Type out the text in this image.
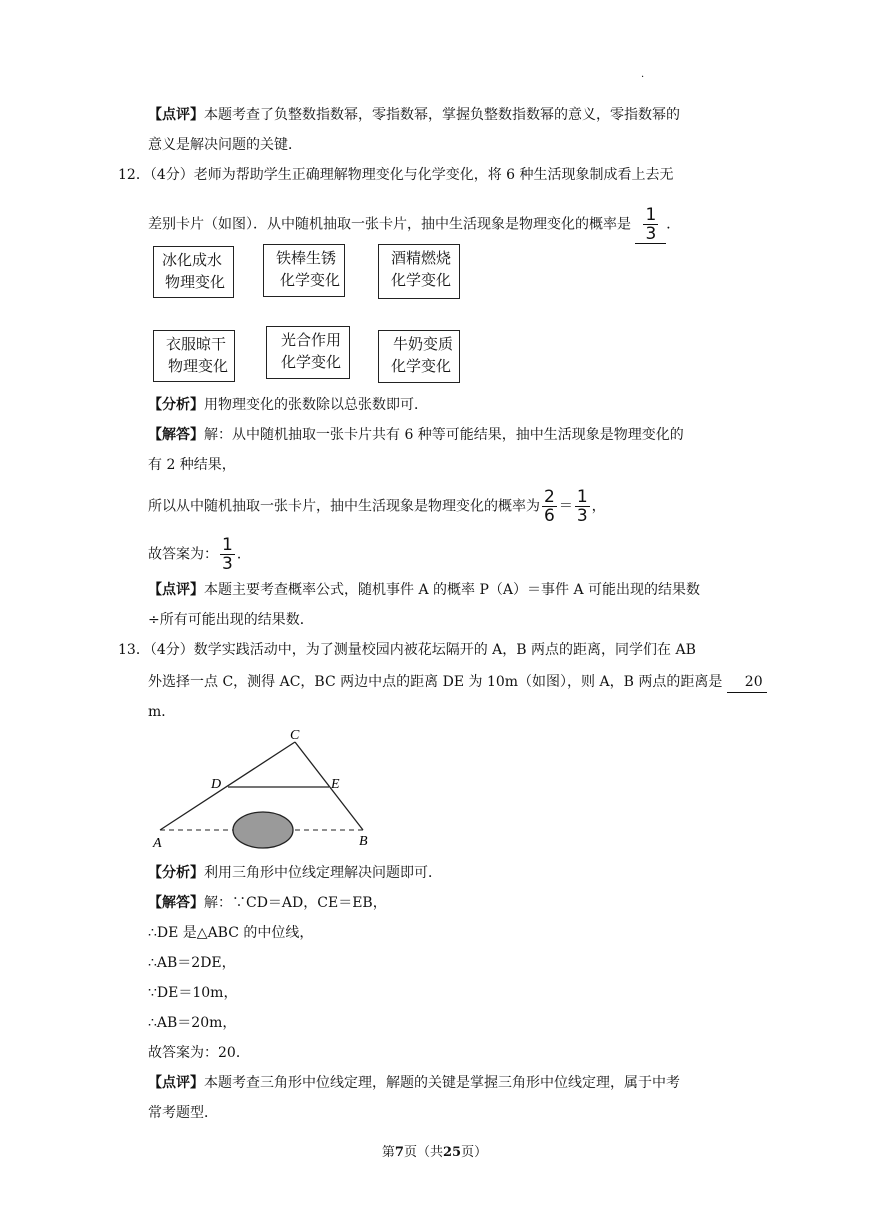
·
【点评】本题考查了负整数指数幂，零指数幂，掌握负整数指数幂的意义，零指数幂的
意义是解决问题的关键．
12．（4分）老师为帮助学生正确理解物理变化与化学变化，将 6 种生活现象制成看上去无
差别卡片（如图）．从中随机抽取一张卡片，抽中生活现象是物理变化的概率是 $\frac{1}{3}$ ．
冰化成水
物理变化
铁棒生锈
化学变化
酒精燃烧
化学变化
衣服晾干
物理变化
光合作用
化学变化
牛奶变质
化学变化
【分析】用物理变化的张数除以总张数即可．
【解答】解：从中随机抽取一张卡片共有 6 种等可能结果，抽中生活现象是物理变化的
有 2 种结果，
所以从中随机抽取一张卡片，抽中生活现象是物理变化的概率为 $\frac{2}{6} = \frac{1}{3}$ ，
故答案为： $\frac{1}{3}$ ．
【点评】本题主要考查概率公式，随机事件 A 的概率 P（A）＝事件 A 可能出现的结果数
÷所有可能出现的结果数．
13．（4分）数学实践活动中，为了测量校园内被花坛隔开的 A，B 两点的距离，同学们在 AB
外选择一点 C，测得 AC，BC 两边中点的距离 DE 为 10m（如图），则 A，B 两点的距离是 20
m．
C
D	E
A	B
【分析】利用三角形中位线定理解决问题即可．
【解答】解：∵CD＝AD，CE＝EB，
∴DE 是△ABC 的中位线，
∴AB＝2DE，
∵DE＝10m，
∴AB＝20m，
故答案为：20．
【点评】本题考查三角形中位线定理，解题的关键是掌握三角形中位线定理，属于中考
常考题型．
第7页（共25页）
